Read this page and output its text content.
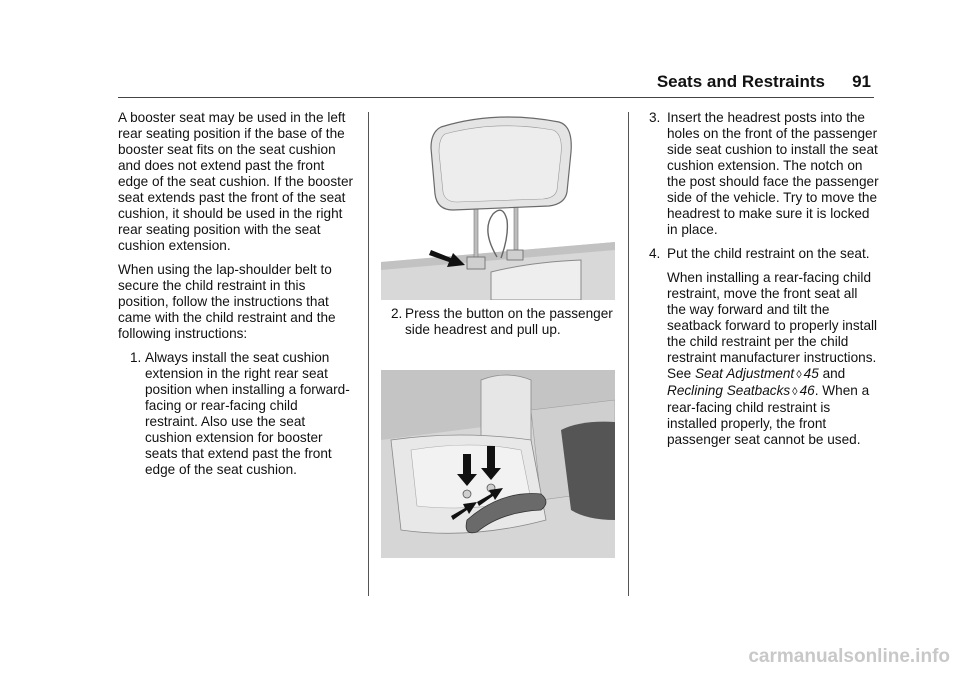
Seats and Restraints 91

A booster seat may be used in the left rear seating position if the base of the booster seat fits on the seat cushion and does not extend past the front edge of the seat cushion. If the booster seat extends past the front of the seat cushion, it should be used in the right rear seating position with the seat cushion extension.

When using the lap-shoulder belt to secure the child restraint in this position, follow the instructions that came with the child restraint and the following instructions:

1. Always install the seat cushion extension in the right rear seat position when installing a forward-facing or rear-facing child restraint. Also use the seat cushion extension for booster seats that extend past the front edge of the seat cushion.
2. Press the button on the passenger side headrest and pull up.
3. Insert the headrest posts into the holes on the front of the passenger side seat cushion to install the seat cushion extension. The notch on the post should face the passenger side of the vehicle. Try to move the headrest to make sure it is locked in place.
4. Put the child restraint on the seat.

When installing a rear-facing child restraint, move the front seat all the way forward and tilt the seatback forward to properly install the child restraint per the child restraint manufacturer instructions. See Seat Adjustment ◊ 45 and Reclining Seatbacks ◊ 46. When a rear-facing child restraint is installed properly, the front passenger seat cannot be used.

carmanualsonline.info
